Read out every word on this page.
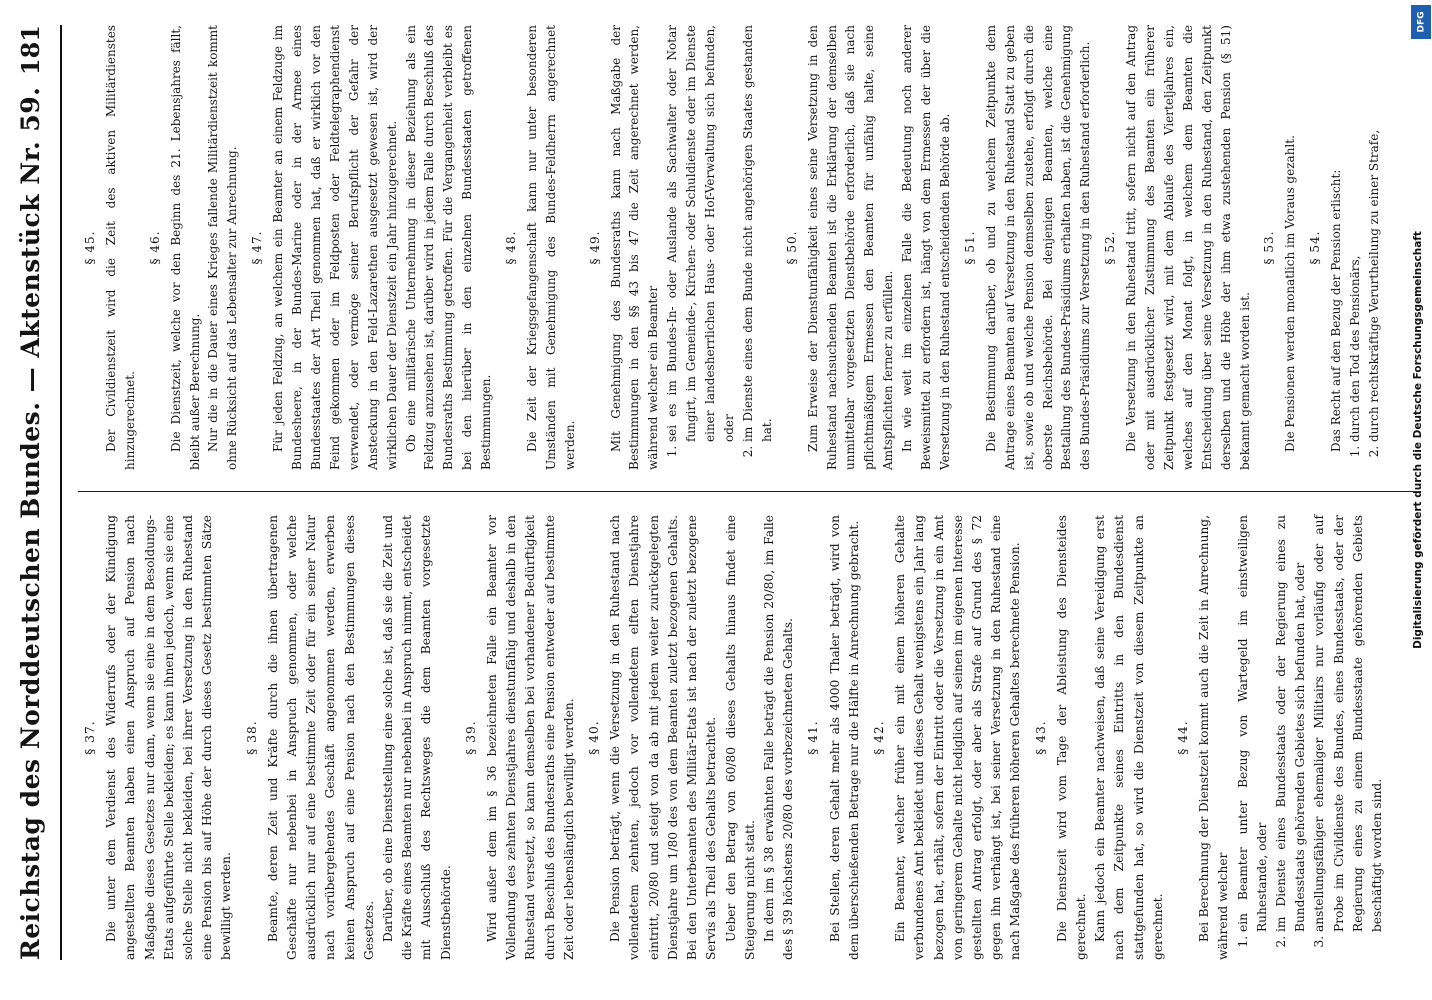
Reichstag des Norddeutschen Bundes. — Aktenstück Nr. 59.
181
§ 37. Die unter dem Verdienst des Widerrufs oder der Kündigung angestellten Beamten haben einen Anspruch auf Pension nach Maßgabe dieses Gesetzes nur dann, wenn sie eine in dem Besoldungs-Etats aufgeführte Stelle bekleiden; es kann ihnen jedoch, wenn sie eine solche Stelle nicht bekleiden, bei ihrer Versetzung in den Ruhestand eine Pension bis auf Höhe der durch dieses Gesetz bestimmten Sätze bewilligt werden.

§ 38. Beamte, deren Zeit und Kräfte durch die ihnen übertragenen Geschäfte nur nebenbei in Anspruch genommen, oder welche ausdrücklich nur auf eine bestimmte Zeit oder für ein seiner Natur nach vorübergehendes Geschäft angenommen werden, erwerben keinen Anspruch auf eine Pension nach den Bestimmungen dieses Gesetzes. Darüber, ob eine Dienststellung eine solche ist, daß sie die Zeit und die Kräfte eines Beamten nur nebenbei in Anspruch nimmt, entscheidet mit Ausschluß des Rechtsweges die dem Beamten vorgesetzte Dienstbehörde.

§ 39. Wird außer dem im § 36 bezeichneten Falle ein Beamter vor Vollendung des zehnten Dienstjahres dienstunfähig und deshalb in den Ruhestand versetzt, so kann demselben bei vorhandener Bedürftigkeit durch Beschluß des Bundesraths eine Pension entweder auf bestimmte Zeit oder lebenslänglich bewilligt werden. § 40. Die Pension beträgt, wenn die Versetzung in den Ruhestand nach vollendetem zehnten, jedoch vor vollendetem elften Dienstjahre eintritt, 20/80 und steigt von da ab mit jedem weiter zurückgelegten Dienstjahre um 1/80 des von dem Beamten zuletzt bezogenen Gehalts. Bei den Unterbeamten des Militär-Etats ist nach der zuletzt bezogene Servis als Theil des Gehalts betrachtet. Ueber den Betrag von 60/80 dieses Gehalts hinaus findet eine Steigerung nicht statt. In dem im § 38 erwähnten Falle beträgt die Pension 20/80, im Falle des § 39 höchstens 20/80 des vorbezeichneten Gehalts. § 41. Bei Stellen, deren Gehalt mehr als 4000 Thaler beträgt, wird von dem überschießenden Betrage nur die Hälfte in Anrechnung gebracht. § 42. Ein Beamter, welcher früher ein mit einem höheren Gehalte verbundenes Amt bekleidet und dieses Gehalt wenigstens ein Jahr lang bezogen hat, erhält, sofern der Eintritt oder die Versetzung in ein Amt von geringerem Gehalte nicht lediglich auf seinen im eigenen Interesse gestellten Antrag erfolgt, oder aber als Strafe auf Grund des § 72 gegen ihn verhängt ist, bei seiner Versetzung in den Ruhestand eine nach Maßgabe des früheren höheren Gehaltes berechnete Pension. § 43. Die Dienstzeit wird vom Tage der Ableistung des Diensteides gerechnet. Kann jedoch ein Beamter nachweisen, daß seine Vereidigung erst nach dem Zeitpunkte seines Eintritts in den Bundesdienst stattgefunden hat, so wird die Dienstzeit von diesem Zeitpunkte an gerechnet.

§ 44. Bei Berechnung der Dienstzeit kommt auch die Zeit in Anrechnung, während welcher 1. ein Beamter unter Bezug von Wartegeld im einstweiligen Ruhestande, oder 2. im Dienste eines Bundesstaats oder der Regierung eines zu Bundesstaats gehörenden Gebietes sich befunden hat, oder 3. anstellungsfähiger ehemaliger Militairs nur vorläufig oder auf Probe im Civildienste des Bundes, eines Bundesstaats, oder der Regierung eines zu einem Bundesstaate gehörenden Gebiets beschäftigt worden sind.
§ 45. Der Civildienstzeit wird die Zeit des aktiven Militärdienstes hinzugerechnet.

§ 46. Die Dienstzeit, welche vor den Beginn des 21. Lebensjahres fällt, bleibt außer Berechnung. Nur die in die Dauer eines Krieges fallende Militärdienstzeit kommt ohne Rücksicht auf das Lebensalter zur Anrechnung. § 47. Für jeden Feldzug, an welchem ein Beamter an einem Feldzuge im Bundesheere, in der Bundes-Marine oder in der Armee eines Bundesstaates der Art Theil genommen hat, daß er wirklich vor den Feind gekommen oder im Feldposten oder Feldtelegraphendienst verwendet, oder vermöge seiner Berufspflicht der Gefahr der Ansteckung in den Feld-Lazarethen ausgesetzt gewesen ist, wird der wirklichen Dauer der Dienstzeit ein Jahr hinzugerechnet. Ob eine militärische Unternehmung in dieser Beziehung als ein Feldzug anzusehen ist, darüber wird in jedem Falle durch Beschluß des Bundesraths Bestimmung getroffen. Für die Vergangenheit verbleibt es bei den hierüber in den einzelnen Bundesstaaten getroffenen Bestimmungen.

§ 48. Die Zeit der Kriegsgefangenschaft kann nur unter besonderen Umständen mit Genehmigung des Bundes-Feldherrn angerechnet werden.

§ 49. Mit Genehmigung des Bundesraths kann nach Maßgabe der Bestimmungen in den §§ 43 bis 47 die Zeit angerechnet werden, während welcher ein Beamter 1. sei es im Bundes-In- oder Auslande als Sachwalter oder Notar fungirt, im Gemeinde-, Kirchen- oder Schuldienste oder im Dienste einer landesherrlichen Haus- oder Hof-Verwaltung sich befunden, oder 2. im Dienste eines dem Bunde nicht angehörigen Staates gestanden hat.
§ 50. Zum Erweise der Dienstunfähigkeit eines seine Versetzung in den Ruhestand nachsuchenden Beamten ist die Erklärung der demselben unmittelbar vorgesetzten Dienstbehörde erforderlich, daß sie nach pflichtmäßigem Ermessen den Beamten für unfähig halte, seine Amtspflichten ferner zu erfüllen. In wie weit im einzelnen Falle die Bedeutung noch anderer Beweismittel zu erfordern ist, hängt von dem Ermessen der über die Versetzung in den Ruhestand entscheidenden Behörde ab. § 51. Die Bestimmung darüber, ob und zu welchem Zeitpunkte dem Antrage eines Beamten auf Versetzung in den Ruhestand Statt zu geben ist, sowie ob und welche Pension demselben zustehe, erfolgt durch die oberste Reichsbehörde. Bei denjenigen Beamten, welche eine Bestallung des Bundes-Präsidiums erhalten haben, ist die Genehmigung des Bundes-Präsidiums zur Versetzung in den Ruhestand erforderlich. § 52. Die Versetzung in den Ruhestand tritt, sofern nicht auf den Antrag oder mit ausdrücklicher Zustimmung des Beamten ein früherer Zeitpunkt festgesetzt wird, mit dem Ablaufe des Vierteljahres ein, welches auf den Monat folgt, in welchem dem Beamten die Entscheidung über seine Versetzung in den Ruhestand, den Zeitpunkt derselben und die Höhe der ihm etwa zustehenden Pension (§ 51) bekannt gemacht worden ist.

§ 53. Die Pensionen werden monatlich im Voraus gezahlt. § 54. Das Recht auf den Bezug der Pension erlischt: 1. durch den Tod des Pensionärs, 2. durch rechtskräftige Verurtheilung zu einer Strafe,	Digitalisierung gefördert durch die Deutsche Forschungsgemeinschaft
DFG
